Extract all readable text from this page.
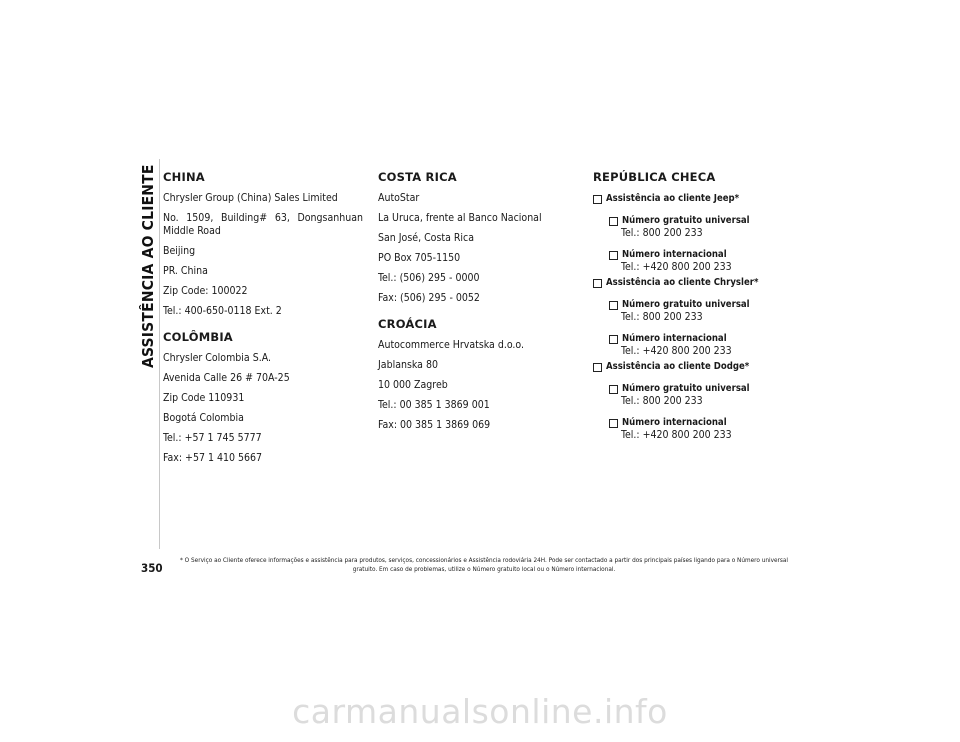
ASSISTÊNCIA AO CLIENTE CHINA
Chrysler Group (China) Sales Limited
No. 1509, Building# 63, Dongsanhuan Middle Road
Beijing
PR. China
Zip Code: 100022
Tel.: 400-650-0118 Ext. 2
COLÔMBIA
Chrysler Colombia S.A.
Avenida Calle 26 # 70A-25
Zip Code 110931
Bogotá Colombia
Tel.: +57 1 745 5777
Fax: +57 1 410 5667
COSTA RICA
AutoStar
La Uruca, frente al Banco Nacional
San José, Costa Rica
PO Box 705-1150
Tel.: (506) 295 - 0000
Fax: (506) 295 - 0052
CROÁCIA
Autocommerce Hrvatska d.o.o.
Jablanska 80
10 000 Zagreb
Tel.: 00 385 1 3869 001
Fax: 00 385 1 3869 069
REPÚBLICA CHECA
Assistência ao cliente Jeep*
Número gratuito universal
Tel.: 800 200 233
Número internacional
Tel.: +420 800 200 233
Assistência ao cliente Chrysler*
Número gratuito universal
Tel.: 800 200 233
Número internacional
Tel.: +420 800 200 233
Assistência ao cliente Dodge*
Número gratuito universal
Tel.: 800 200 233
Número internacional
Tel.: +420 800 200 233
350
* O Serviço ao Cliente oferece informações e assistência para produtos, serviços, concessionários e Assistência rodoviária 24H. Pode ser contactado a partir dos principais países ligando para o Número universal gratuito. Em caso de problemas, utilize o Número gratuito local ou o Número internacional.
carmanualsonline.info
